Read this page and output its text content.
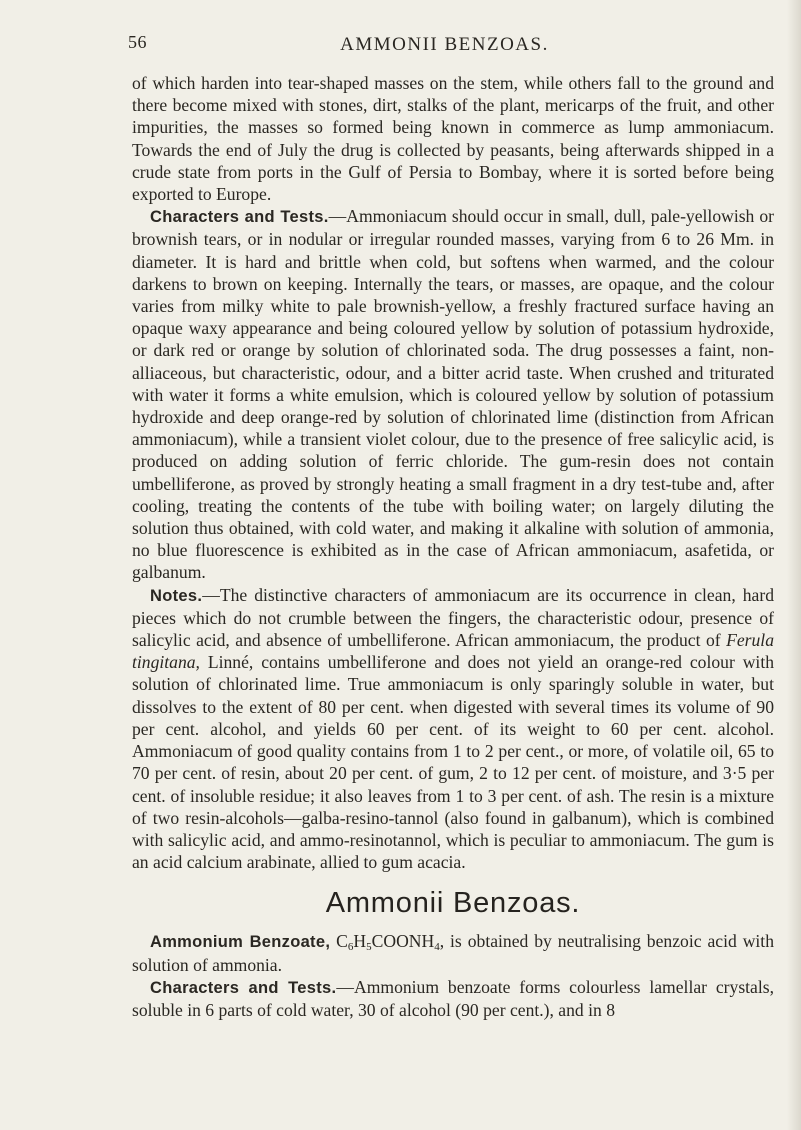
56	AMMONII BENZOAS.

of which harden into tear-shaped masses on the stem, while others fall to the ground and there become mixed with stones, dirt, stalks of the plant, mericarps of the fruit, and other impurities, the masses so formed being known in commerce as lump ammoniacum. Towards the end of July the drug is collected by peasants, being afterwards shipped in a crude state from ports in the Gulf of Persia to Bombay, where it is sorted before being exported to Europe.

Characters and Tests.—Ammoniacum should occur in small, dull, pale-yellowish or brownish tears, or in nodular or irregular rounded masses, varying from 6 to 26 Mm. in diameter. It is hard and brittle when cold, but softens when warmed, and the colour darkens to brown on keeping. Internally the tears, or masses, are opaque, and the colour varies from milky white to pale brownish-yellow, a freshly fractured surface having an opaque waxy appearance and being coloured yellow by solution of potassium hydroxide, or dark red or orange by solution of chlorinated soda. The drug possesses a faint, non-alliaceous, but characteristic, odour, and a bitter acrid taste. When crushed and triturated with water it forms a white emulsion, which is coloured yellow by solution of potassium hydroxide and deep orange-red by solution of chlorinated lime (distinction from African ammoniacum), while a transient violet colour, due to the presence of free salicylic acid, is produced on adding solution of ferric chloride. The gum-resin does not contain umbelliferone, as proved by strongly heating a small fragment in a dry test-tube and, after cooling, treating the contents of the tube with boiling water; on largely diluting the solution thus obtained, with cold water, and making it alkaline with solution of ammonia, no blue fluorescence is exhibited as in the case of African ammoniacum, asafetida, or galbanum.

Notes.—The distinctive characters of ammoniacum are its occurrence in clean, hard pieces which do not crumble between the fingers, the characteristic odour, presence of salicylic acid, and absence of umbelliferone. African ammoniacum, the product of Ferula tingitana, Linné, contains umbelliferone and does not yield an orange-red colour with solution of chlorinated lime. True ammoniacum is only sparingly soluble in water, but dissolves to the extent of 80 per cent. when digested with several times its volume of 90 per cent. alcohol, and yields 60 per cent. of its weight to 60 per cent. alcohol. Ammoniacum of good quality contains from 1 to 2 per cent., or more, of volatile oil, 65 to 70 per cent. of resin, about 20 per cent. of gum, 2 to 12 per cent. of moisture, and 3·5 per cent. of insoluble residue; it also leaves from 1 to 3 per cent. of ash. The resin is a mixture of two resin-alcohols—galba-resino-tannol (also found in galbanum), which is combined with salicylic acid, and ammo-resinotannol, which is peculiar to ammoniacum. The gum is an acid calcium arabinate, allied to gum acacia.

Ammonii Benzoas.

Ammonium Benzoate, $C_6H_5COONH_4$, is obtained by neutralising benzoic acid with solution of ammonia.

Characters and Tests.—Ammonium benzoate forms colourless lamellar crystals, soluble in 6 parts of cold water, 30 of alcohol (90 per cent.), and in 8
